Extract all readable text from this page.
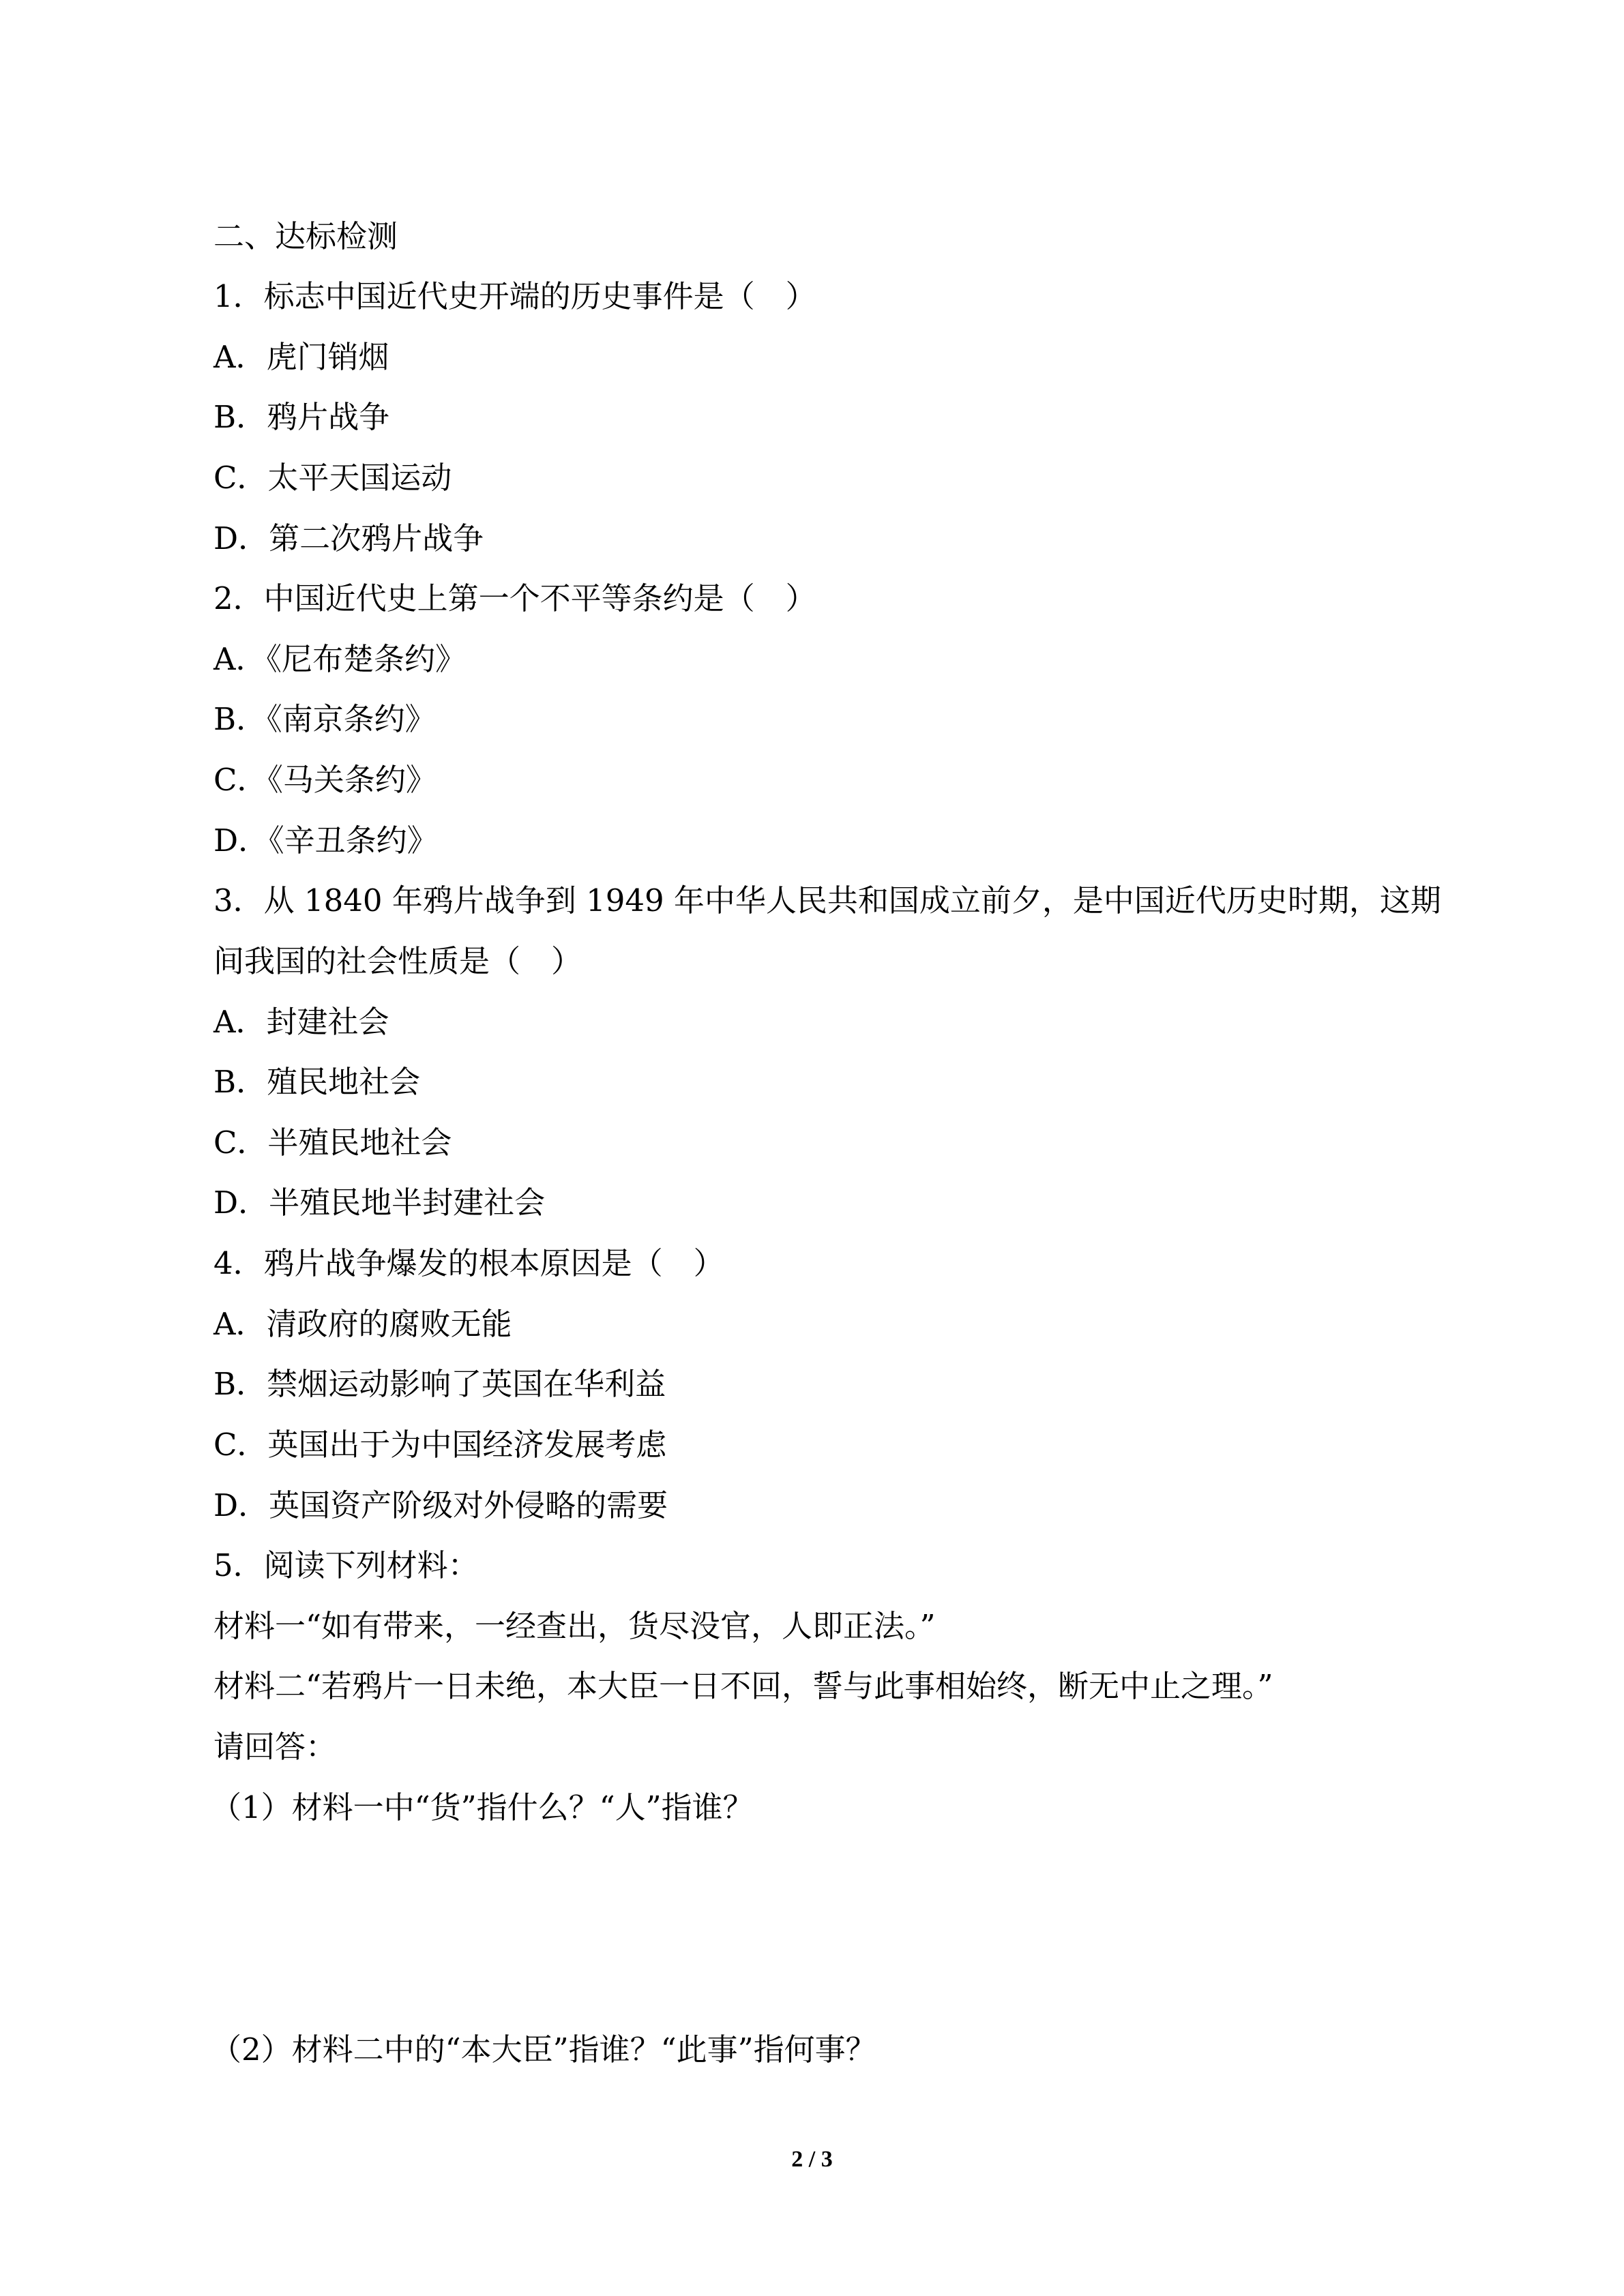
二、达标检测
1．标志中国近代史开端的历史事件是（　）
A．虎门销烟
B．鸦片战争
C．太平天国运动
D．第二次鸦片战争
2．中国近代史上第一个不平等条约是（　）
A．《尼布楚条约》
B．《南京条约》
C．《马关条约》
D．《辛丑条约》
3．从 1840 年鸦片战争到 1949 年中华人民共和国成立前夕，是中国近代历史时期，这期
间我国的社会性质是（　）
A．封建社会
B．殖民地社会
C．半殖民地社会
D．半殖民地半封建社会
4．鸦片战争爆发的根本原因是（　）
A．清政府的腐败无能
B．禁烟运动影响了英国在华利益
C．英国出于为中国经济发展考虑
D．英国资产阶级对外侵略的需要
5．阅读下列材料：
材料一“如有带来，一经查出，货尽没官，人即正法。”
材料二“若鸦片一日未绝，本大臣一日不回，誓与此事相始终，断无中止之理。”
请回答：
（1）材料一中“货”指什么？“人”指谁？
（2）材料二中的“本大臣”指谁？“此事”指何事？
2 / 3
